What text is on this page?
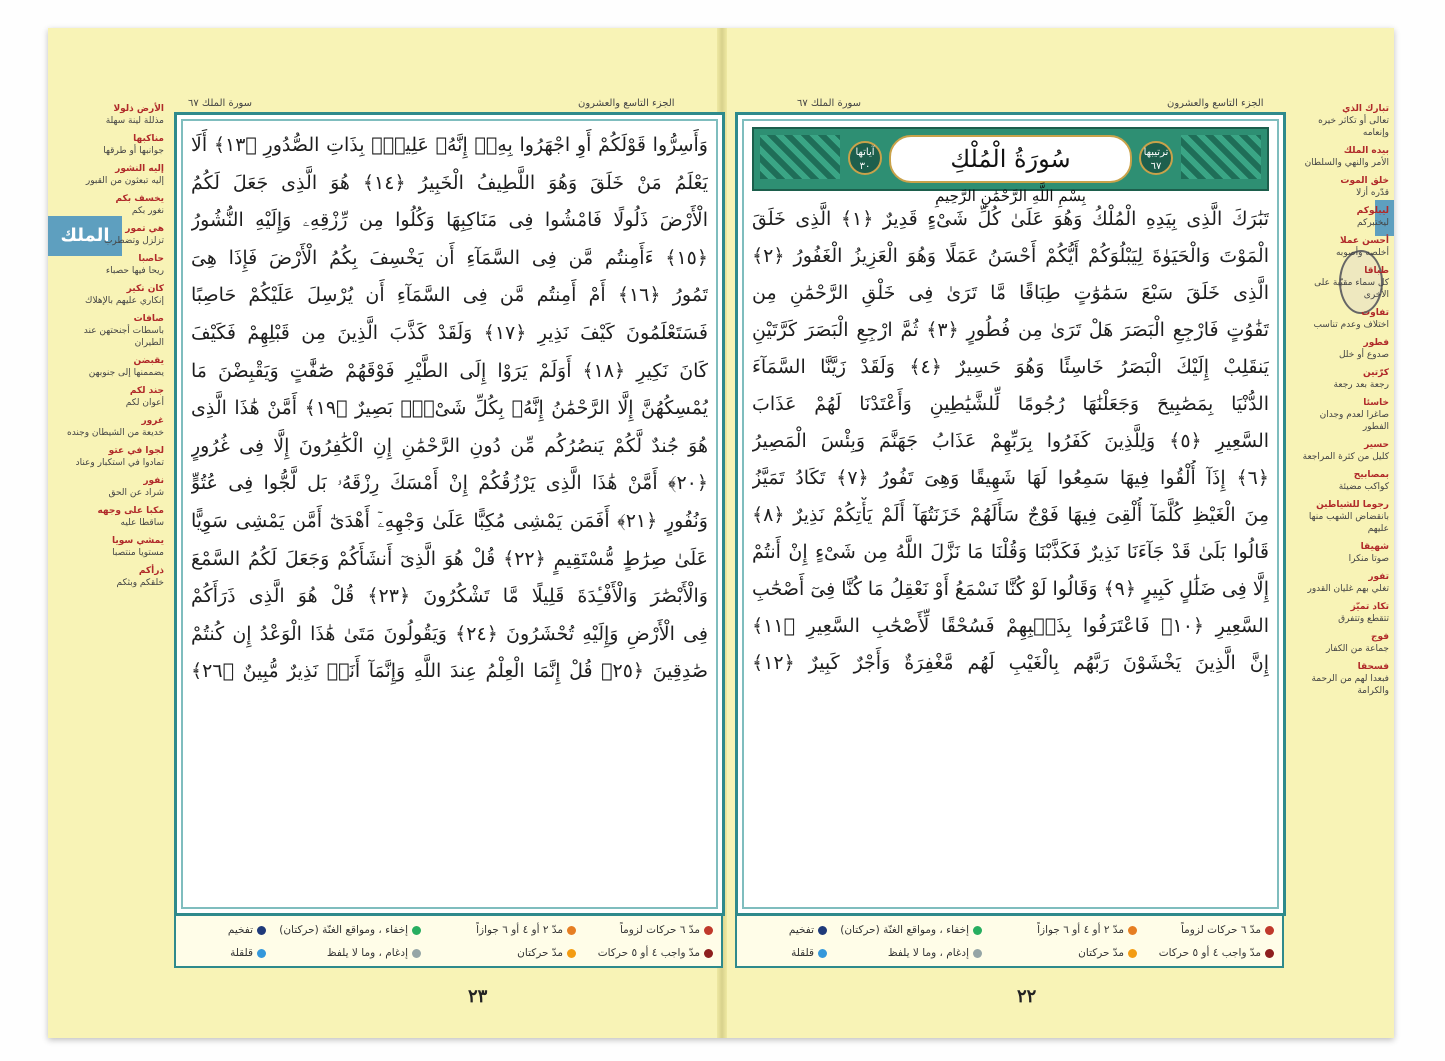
الملك
سورة الملك ٦٧	الجزء التاسع والعشرون
الأرض ذلولا
مذللة لينة سهلة
مناكبها
جوانبها أو طرقها
إليه النشور
إليه تبعثون من القبور
يخسف بكم
نغور بكم
هي تمور
تزلزل وتضطرب
حاصبا
ريحا فيها حصباء
كان نكير
إنكاري عليهم بالإهلاك
صافات
باسطات أجنحتهن عند الطيران
يقبضن
يضممنها إلى جنوبهن
جند لكم
أعوان لكم
غرور
خديعة من الشيطان وجنده
لجوا في عتو
تمادوا في استكبار وعناد
نفور
شراد عن الحق
مكبا على وجهه
ساقطا عليه
يمشي سويا
مستويا منتصبا
ذرأكم
خلقكم وبثكم
وَأَسِرُّوا قَوْلَكُمْ أَوِ اجْهَرُوا بِهِۦٓ إِنَّهُۥ عَلِيمٌۢ بِذَاتِ الصُّدُورِ ﴿١٣﴾ أَلَا
يَعْلَمُ مَنْ خَلَقَ وَهُوَ اللَّطِيفُ الْخَبِيرُ ﴿١٤﴾ هُوَ الَّذِى جَعَلَ لَكُمُ
الْأَرْضَ ذَلُولًا فَامْشُوا فِى مَنَاكِبِهَا وَكُلُوا مِن رِّزْقِهِۦ وَإِلَيْهِ النُّشُورُ
﴿١٥﴾ ءَأَمِنتُم مَّن فِى السَّمَآءِ أَن يَخْسِفَ بِكُمُ الْأَرْضَ فَإِذَا هِىَ
تَمُورُ ﴿١٦﴾ أَمْ أَمِنتُم مَّن فِى السَّمَآءِ أَن يُرْسِلَ عَلَيْكُمْ حَاصِبًا
فَسَتَعْلَمُونَ كَيْفَ نَذِيرِ ﴿١٧﴾ وَلَقَدْ كَذَّبَ الَّذِينَ مِن قَبْلِهِمْ فَكَيْفَ
كَانَ نَكِيرِ ﴿١٨﴾ أَوَلَمْ يَرَوْا إِلَى الطَّيْرِ فَوْقَهُمْ صَٰٓفَّٰتٍ وَيَقْبِضْنَ مَا
يُمْسِكُهُنَّ إِلَّا الرَّحْمَٰنُ إِنَّهُۥ بِكُلِّ شَىْءٍۭ بَصِيرٌ ﴿١٩﴾ أَمَّنْ هَٰذَا الَّذِى
هُوَ جُندٌ لَّكُمْ يَنصُرُكُم مِّن دُونِ الرَّحْمَٰنِ إِنِ الْكَٰفِرُونَ إِلَّا فِى غُرُورٍ
﴿٢٠﴾ أَمَّنْ هَٰذَا الَّذِى يَرْزُقُكُمْ إِنْ أَمْسَكَ رِزْقَهُۥ بَل لَّجُّوا فِى عُتُوٍّ
وَنُفُورٍ ﴿٢١﴾ أَفَمَن يَمْشِى مُكِبًّا عَلَىٰ وَجْهِهِۦٓ أَهْدَىٰٓ أَمَّن يَمْشِى سَوِيًّا
عَلَىٰ صِرَٰطٍ مُّسْتَقِيمٍ ﴿٢٢﴾ قُلْ هُوَ الَّذِىٓ أَنشَأَكُمْ وَجَعَلَ لَكُمُ السَّمْعَ
وَالْأَبْصَٰرَ وَالْأَفْـِٔدَةَ قَلِيلًا مَّا تَشْكُرُونَ ﴿٢٣﴾ قُلْ هُوَ الَّذِى ذَرَأَكُمْ
فِى الْأَرْضِ وَإِلَيْهِ تُحْشَرُونَ ﴿٢٤﴾ وَيَقُولُونَ مَتَىٰ هَٰذَا الْوَعْدُ إِن كُنتُمْ
صَٰدِقِينَ ﴿٢٥﴾ قُلْ إِنَّمَا الْعِلْمُ عِندَ اللَّهِ وَإِنَّمَآ أَنَا۠ نَذِيرٌ مُّبِينٌ ﴿٢٦﴾
مدّ ٦ حركات لزوماً
مدّ ٢ أو ٤ أو ٦ جوازاً
إخفاء ، ومواقع الغنّة (حركتان)
تفخيم
مدّ واجب ٤ أو ٥ حركات
مدّ حركتان
إدغام ، وما لا يلفظ
قلقلة
٢٣
سورة الملك ٦٧	الجزء التاسع والعشرون	تبارك الذي
تعالى أو تكاثر خيره وإنعامه
بيده الملك
الأمر والنهي والسلطان
خلق الموت
قدّره أزلا
ليبلوكم
ليختبركم
أحسن عملا
أخلصه وأصوبه
طباقا
كل سماء مقبّبة على الأخرى
تفاوت
اختلاف وعدم تناسب
فطور
صدوع أو خلل
كرّتين
رجعة بعد رجعة
خاسئا
صاغرا لعدم وجدان الفطور
حسير
كليل من كثرة المراجعة
بمصابيح
كواكب مضيئة
رجوما للشياطين
بانقضاض الشهب منها عليهم
شهيقا
صوتا منكرا
تفور
تغلي بهم غليان القدور
تكاد تميّز
تتقطع وتتفرق
فوج
جماعة من الكفار
فسحقا
فبعدا لهم من الرحمة والكرامة
آياتها ٣٠
ترتيبها ٦٧
سُورَةُ الْمُلْكِ
بِسْمِ اللَّهِ الرَّحْمَٰنِ الرَّحِيمِ
تَبَٰرَكَ الَّذِى بِيَدِهِ الْمُلْكُ وَهُوَ عَلَىٰ كُلِّ شَىْءٍ قَدِيرٌ ﴿١﴾ الَّذِى خَلَقَ
الْمَوْتَ وَالْحَيَوٰةَ لِيَبْلُوَكُمْ أَيُّكُمْ أَحْسَنُ عَمَلًا وَهُوَ الْعَزِيزُ الْغَفُورُ ﴿٢﴾
الَّذِى خَلَقَ سَبْعَ سَمَٰوَٰتٍ طِبَاقًا مَّا تَرَىٰ فِى خَلْقِ الرَّحْمَٰنِ مِن
تَفَٰوُتٍ فَارْجِعِ الْبَصَرَ هَلْ تَرَىٰ مِن فُطُورٍ ﴿٣﴾ ثُمَّ ارْجِعِ الْبَصَرَ كَرَّتَيْنِ
يَنقَلِبْ إِلَيْكَ الْبَصَرُ خَاسِئًا وَهُوَ حَسِيرٌ ﴿٤﴾ وَلَقَدْ زَيَّنَّا السَّمَآءَ
الدُّنْيَا بِمَصَٰبِيحَ وَجَعَلْنَٰهَا رُجُومًا لِّلشَّيَٰطِينِ وَأَعْتَدْنَا لَهُمْ عَذَابَ
السَّعِيرِ ﴿٥﴾ وَلِلَّذِينَ كَفَرُوا بِرَبِّهِمْ عَذَابُ جَهَنَّمَ وَبِئْسَ الْمَصِيرُ
﴿٦﴾ إِذَآ أُلْقُوا فِيهَا سَمِعُوا لَهَا شَهِيقًا وَهِىَ تَفُورُ ﴿٧﴾ تَكَادُ تَمَيَّزُ
مِنَ الْغَيْظِ كُلَّمَآ أُلْقِىَ فِيهَا فَوْجٌ سَأَلَهُمْ خَزَنَتُهَآ أَلَمْ يَأْتِكُمْ نَذِيرٌ ﴿٨﴾
قَالُوا بَلَىٰ قَدْ جَآءَنَا نَذِيرٌ فَكَذَّبْنَا وَقُلْنَا مَا نَزَّلَ اللَّهُ مِن شَىْءٍ إِنْ أَنتُمْ
إِلَّا فِى ضَلَٰلٍ كَبِيرٍ ﴿٩﴾ وَقَالُوا لَوْ كُنَّا نَسْمَعُ أَوْ نَعْقِلُ مَا كُنَّا فِىٓ أَصْحَٰبِ
السَّعِيرِ ﴿١٠﴾ فَاعْتَرَفُوا بِذَنۢبِهِمْ فَسُحْقًا لِّأَصْحَٰبِ السَّعِيرِ ﴿١١﴾
إِنَّ الَّذِينَ يَخْشَوْنَ رَبَّهُم بِالْغَيْبِ لَهُم مَّغْفِرَةٌ وَأَجْرٌ كَبِيرٌ ﴿١٢﴾
مدّ ٦ حركات لزوماً
مدّ ٢ أو ٤ أو ٦ جوازاً
إخفاء ، ومواقع الغنّة (حركتان)
تفخيم
مدّ واجب ٤ أو ٥ حركات
مدّ حركتان
إدغام ، وما لا يلفظ
قلقلة
٢٢
